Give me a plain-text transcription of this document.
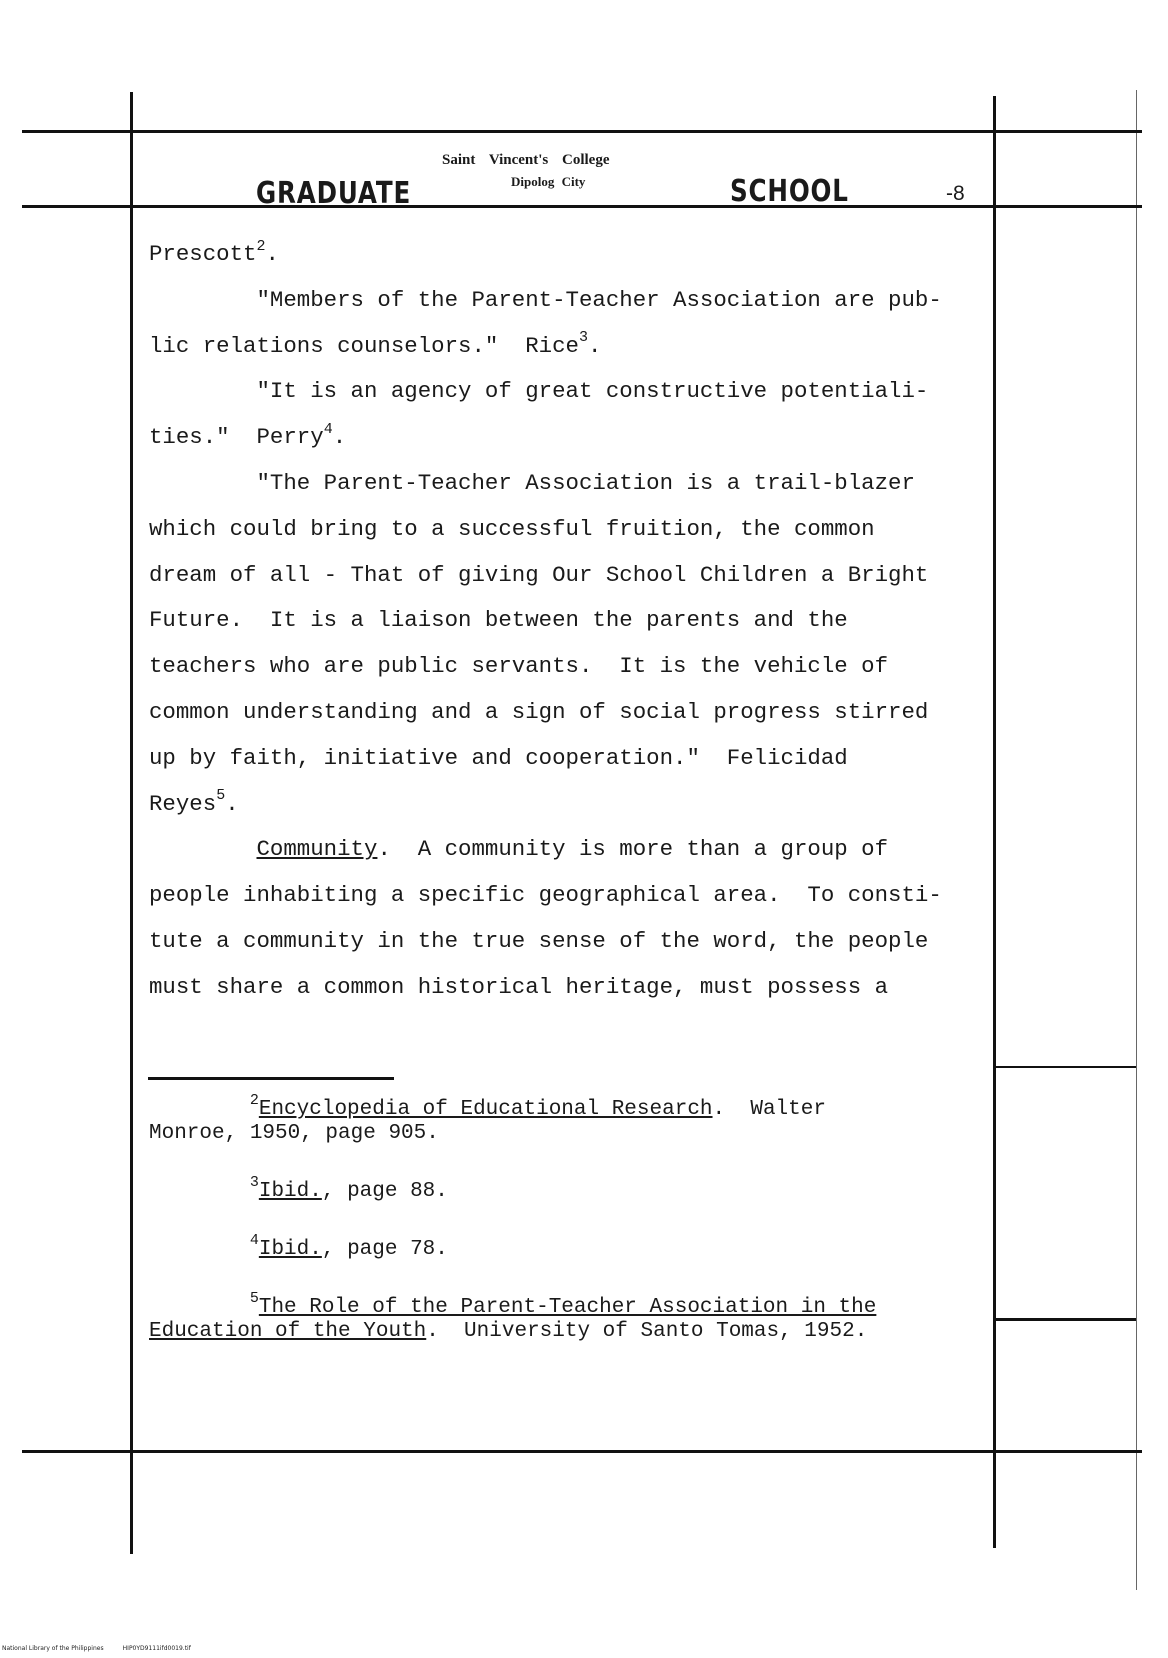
GRADUATE
Saint Vincent's College
Dipolog City	SCHOOL	-8
Prescott$^2$.
"Members of the Parent-Teacher Association are pub-
lic relations counselors."  Rice$^3$.
"It is an agency of great constructive potentiali-
ties."  Perry$^4$.
"The Parent-Teacher Association is a trail-blazer
which could bring to a successful fruition, the common
dream of all - That of giving Our School Children a Bright
Future.  It is a liaison between the parents and the
teachers who are public servants.  It is the vehicle of
common understanding and a sign of social progress stirred
up by faith, initiative and cooperation."  Felicidad
Reyes$^5$.
Community.  A community is more than a group of
people inhabiting a specific geographical area.  To consti-
tute a community in the true sense of the word, the people
must share a common historical heritage, must possess a
$^2$Encyclopedia of Educational Research.  Walter
Monroe, 1950, page 905.
$^3$Ibid., page 88.
$^4$Ibid., page 78.
$^5$The Role of the Parent-Teacher Association in the
Education of the Youth.  University of Santo Tomas, 1952.
National Library of the Philippines	HIP0YD9111ifd0019.tif
